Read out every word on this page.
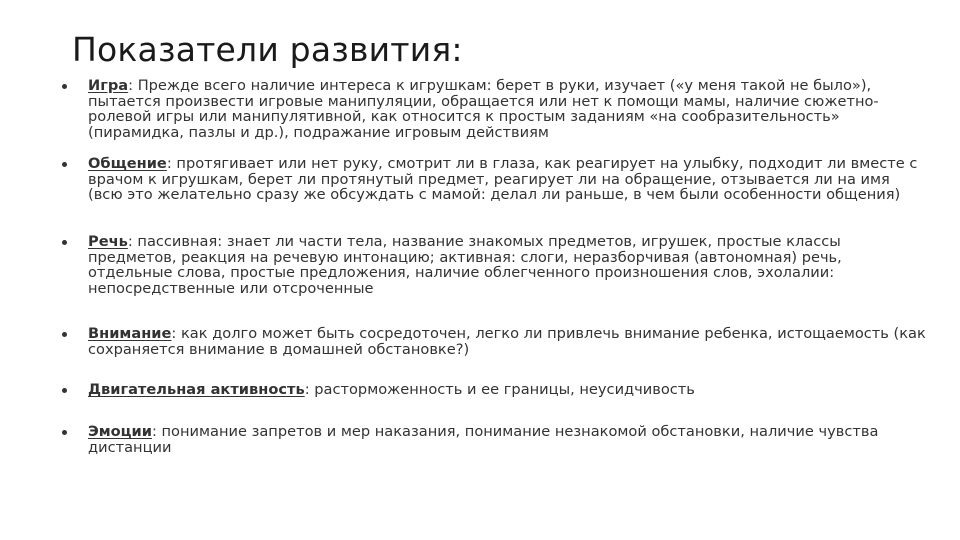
Показатели развития:
Игра: Прежде всего наличие интереса к игрушкам: берет в руки, изучает («у меня такой не было»), пытается произвести игровые манипуляции, обращается или нет к помощи мамы, наличие сюжетно-ролевой игры или манипулятивной, как относится к простым заданиям «на сообразительность» (пирамидка, пазлы и др.), подражание игровым действиям
Общение: протягивает или нет руку, смотрит ли в глаза, как реагирует на улыбку, подходит ли вместе с врачом к игрушкам, берет ли протянутый предмет, реагирует ли на обращение, отзывается ли на имя (всю это желательно сразу же обсуждать с мамой: делал ли раньше, в чем были особенности общения)
Речь: пассивная: знает ли части тела, название знакомых предметов, игрушек, простые классы предметов, реакция на речевую интонацию; активная: слоги, неразборчивая (автономная) речь, отдельные слова, простые предложения, наличие облегченного произношения слов, эхолалии: непосредственные или отсроченные
Внимание: как долго может быть сосредоточен, легко ли привлечь внимание ребенка, истощаемость (как сохраняется внимание в домашней обстановке?)
Двигательная активность: расторможенность и ее границы, неусидчивость
Эмоции: понимание запретов и мер наказания, понимание незнакомой обстановки, наличие чувства дистанции
